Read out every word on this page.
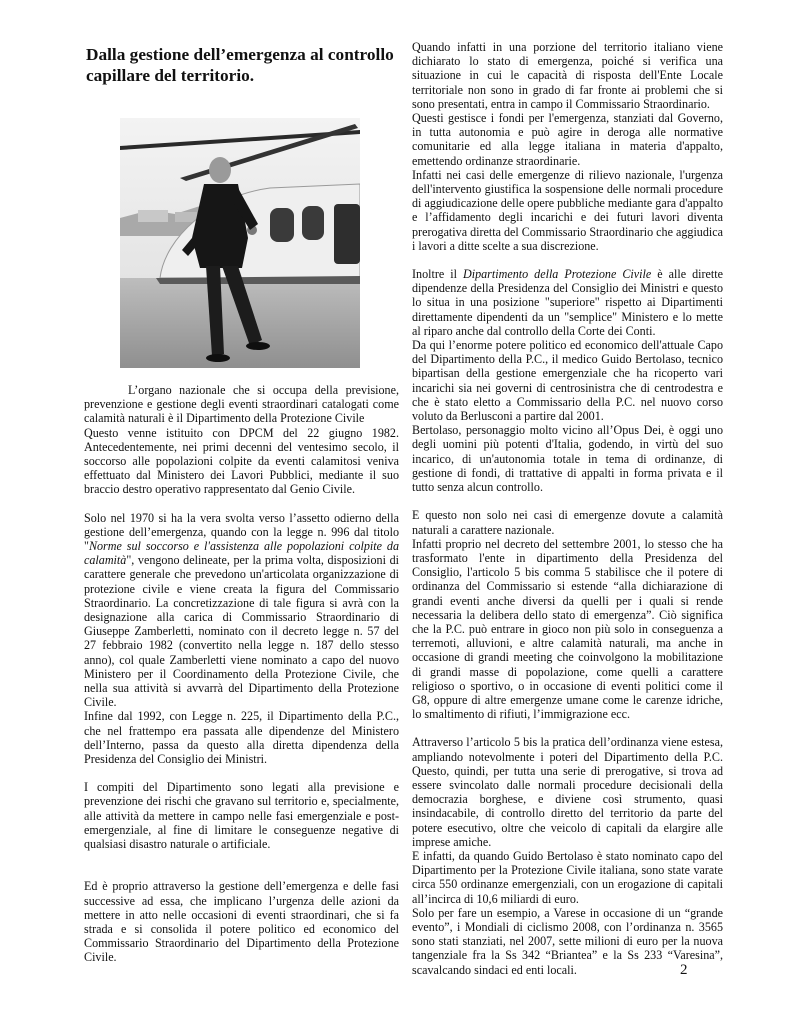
Dalla gestione dell’emergenza al controllo capillare del territorio.

L’organo nazionale che si occupa della previsione, prevenzione e gestione degli eventi straordinari catalogati come calamità naturali è il Dipartimento della Protezione Civile

Questo venne istituito con DPCM del 22 giugno 1982. Antecedentemente, nei primi decenni del ventesimo secolo, il soccorso alle popolazioni colpite da eventi calamitosi veniva effettuato dal Ministero dei Lavori Pubblici, mediante il suo braccio destro operativo rappresentato dal Genio Civile.

Solo nel 1970 si ha la vera svolta verso l’assetto odierno della gestione dell’emergenza, quando con la legge n. 996 dal titolo "Norme sul soccorso e l'assistenza alle popolazioni colpite da calamità", vengono delineate, per la prima volta, disposizioni di carattere generale che prevedono un'articolata organizzazione di protezione civile e viene creata la figura del Commissario Straordinario. La concretizzazione di tale figura si avrà con la designazione alla carica di Commissario Straordinario di Giuseppe Zamberletti, nominato con il decreto legge n. 57 del 27 febbraio 1982 (convertito nella legge n. 187 dello stesso anno), col quale Zamberletti viene nominato a capo del nuovo Ministero per il Coordinamento della Protezione Civile, che nella sua attività si avvarrà del Dipartimento della Protezione Civile.

Infine dal 1992, con Legge n. 225, il Dipartimento della P.C., che nel frattempo era passata alle dipendenze del Ministero dell’Interno, passa da questo alla diretta dipendenza della Presidenza del Consiglio dei Ministri.

I compiti del Dipartimento sono legati alla previsione e prevenzione dei rischi che gravano sul territorio e, specialmente, alle attività da mettere in campo nelle fasi emergenziale e post-emergenziale, al fine di limitare le conseguenze negative di qualsiasi disastro naturale o artificiale.

Ed è proprio attraverso la gestione dell’emergenza e delle fasi successive ad essa, che implicano l’urgenza delle azioni da mettere in atto nelle occasioni di eventi straordinari, che si fa strada e si consolida il potere politico ed economico del Commissario Straordinario del Dipartimento della Protezione Civile.

Quando infatti in una porzione del territorio italiano viene dichiarato lo stato di emergenza, poiché si verifica una situazione in cui le capacità di risposta dell'Ente Locale territoriale non sono in grado di far fronte ai problemi che si sono presentati, entra in campo il Commissario Straordinario.

Questi gestisce i fondi per l'emergenza, stanziati dal Governo, in tutta autonomia e può agire in deroga alle normative comunitarie ed alla legge italiana in materia d'appalto, emettendo ordinanze straordinarie.

Infatti nei casi delle emergenze di rilievo nazionale, l'urgenza dell'intervento giustifica la sospensione delle normali procedure di aggiudicazione delle opere pubbliche mediante gara d'appalto e l’affidamento degli incarichi e dei futuri lavori diventa prerogativa diretta del Commissario Straordinario che aggiudica i lavori a ditte scelte a sua discrezione.

Inoltre il Dipartimento della Protezione Civile è alle dirette dipendenze della Presidenza del Consiglio dei Ministri e questo lo situa in una posizione "superiore" rispetto ai Dipartimenti direttamente dipendenti da un "semplice" Ministero e lo mette al riparo anche dal controllo della Corte dei Conti.

Da qui l’enorme potere politico ed economico dell'attuale Capo del Dipartimento della P.C., il medico Guido Bertolaso, tecnico bipartisan della gestione emergenziale che ha ricoperto vari incarichi sia nei governi di centrosinistra che di centrodestra e che è stato eletto a Commissario della P.C. nel nuovo corso voluto da Berlusconi a partire dal 2001.

Bertolaso, personaggio molto vicino all’Opus Dei, è oggi uno degli uomini più potenti d'Italia, godendo, in virtù del suo incarico, di un'autonomia totale in tema di ordinanze, di gestione di fondi, di trattative di appalti in forma privata e il tutto senza alcun controllo.

E questo non solo nei casi di emergenze dovute a calamità naturali a carattere nazionale.

Infatti proprio nel decreto del settembre 2001, lo stesso che ha trasformato l'ente in dipartimento della Presidenza del Consiglio, l'articolo 5 bis comma 5 stabilisce che il potere di ordinanza del Commissario si estende “alla dichiarazione di grandi eventi anche diversi da quelli per i quali si rende necessaria la delibera dello stato di emergenza”. Ciò significa che la P.C. può entrare in gioco non più solo in conseguenza a terremoti, alluvioni, e altre calamità naturali, ma anche in occasione di grandi meeting che coinvolgono la mobilitazione di grandi masse di popolazione, come quelli a carattere religioso o sportivo, o in occasione di eventi politici come il G8, oppure di altre emergenze umane come le carenze idriche, lo smaltimento di rifiuti, l’immigrazione ecc.

Attraverso l’articolo 5 bis la pratica dell’ordinanza viene estesa, ampliando notevolmente i poteri del Dipartimento della P.C. Questo, quindi, per tutta una serie di prerogative, si trova ad essere svincolato dalle normali procedure decisionali della democrazia borghese, e diviene così strumento, quasi insindacabile, di controllo diretto del territorio da parte del potere esecutivo, oltre che veicolo di capitali da elargire alle imprese amiche.

E infatti, da quando Guido Bertolaso è stato nominato capo del Dipartimento per la Protezione Civile italiana, sono state varate circa 550 ordinanze emergenziali, con un erogazione di capitali all’incirca di 10,6 miliardi di euro.

Solo per fare un esempio, a Varese in occasione di un “grande evento”, i Mondiali di ciclismo 2008, con l’ordinanza n. 3565 sono stati stanziati, nel 2007, sette milioni di euro per la nuova tangenziale fra la Ss 342 “Briantea” e la Ss 233 “Varesina”, scavalcando sindaci ed enti locali.	2
